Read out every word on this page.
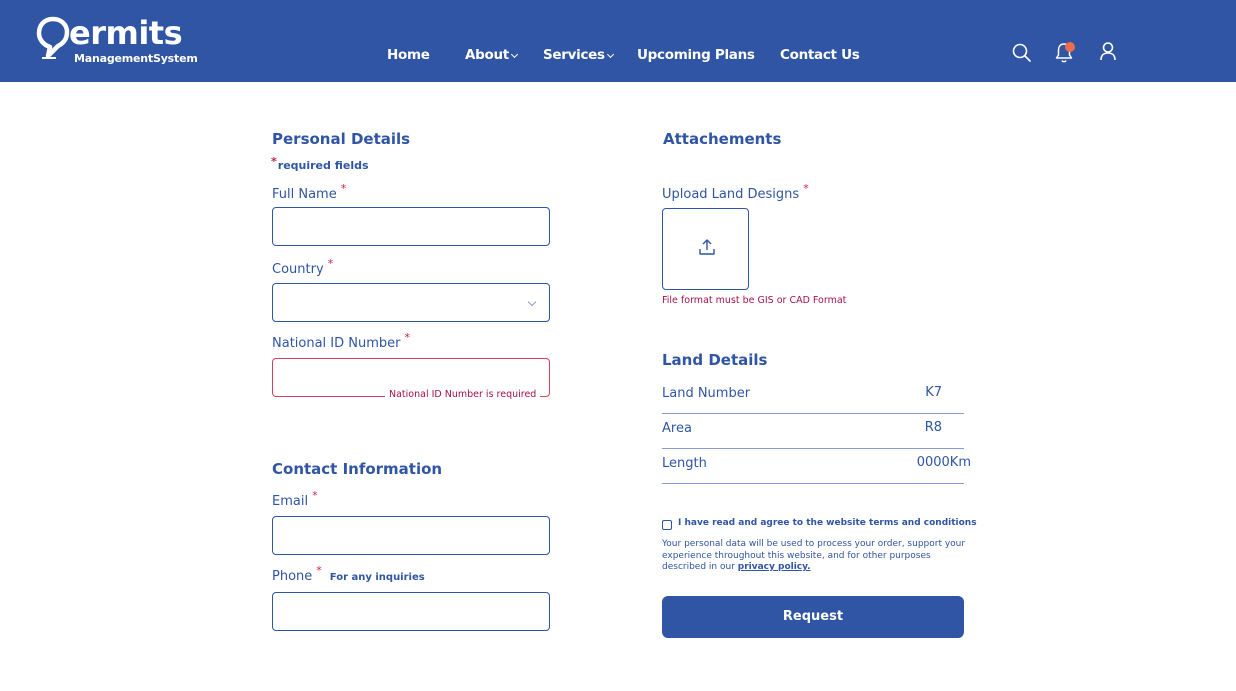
ermits
ManagementSystem	Home	About	Services	Upcoming Plans Contact Us
Personal Details
*required fields
Full Name *
Country *
National ID Number *
National ID Number is required
Contact Information
Email *
Phone *For any inquiries
Attachements
Upload Land Designs *
File format must be GIS or CAD Format
Land Details
Land Number	K7
Area	R8
Length	0000Km
I have read and agree to the website terms and conditions
Your personal data will be used to process your order, support your experience throughout this website, and for other purposes described in our privacy policy.
Request
